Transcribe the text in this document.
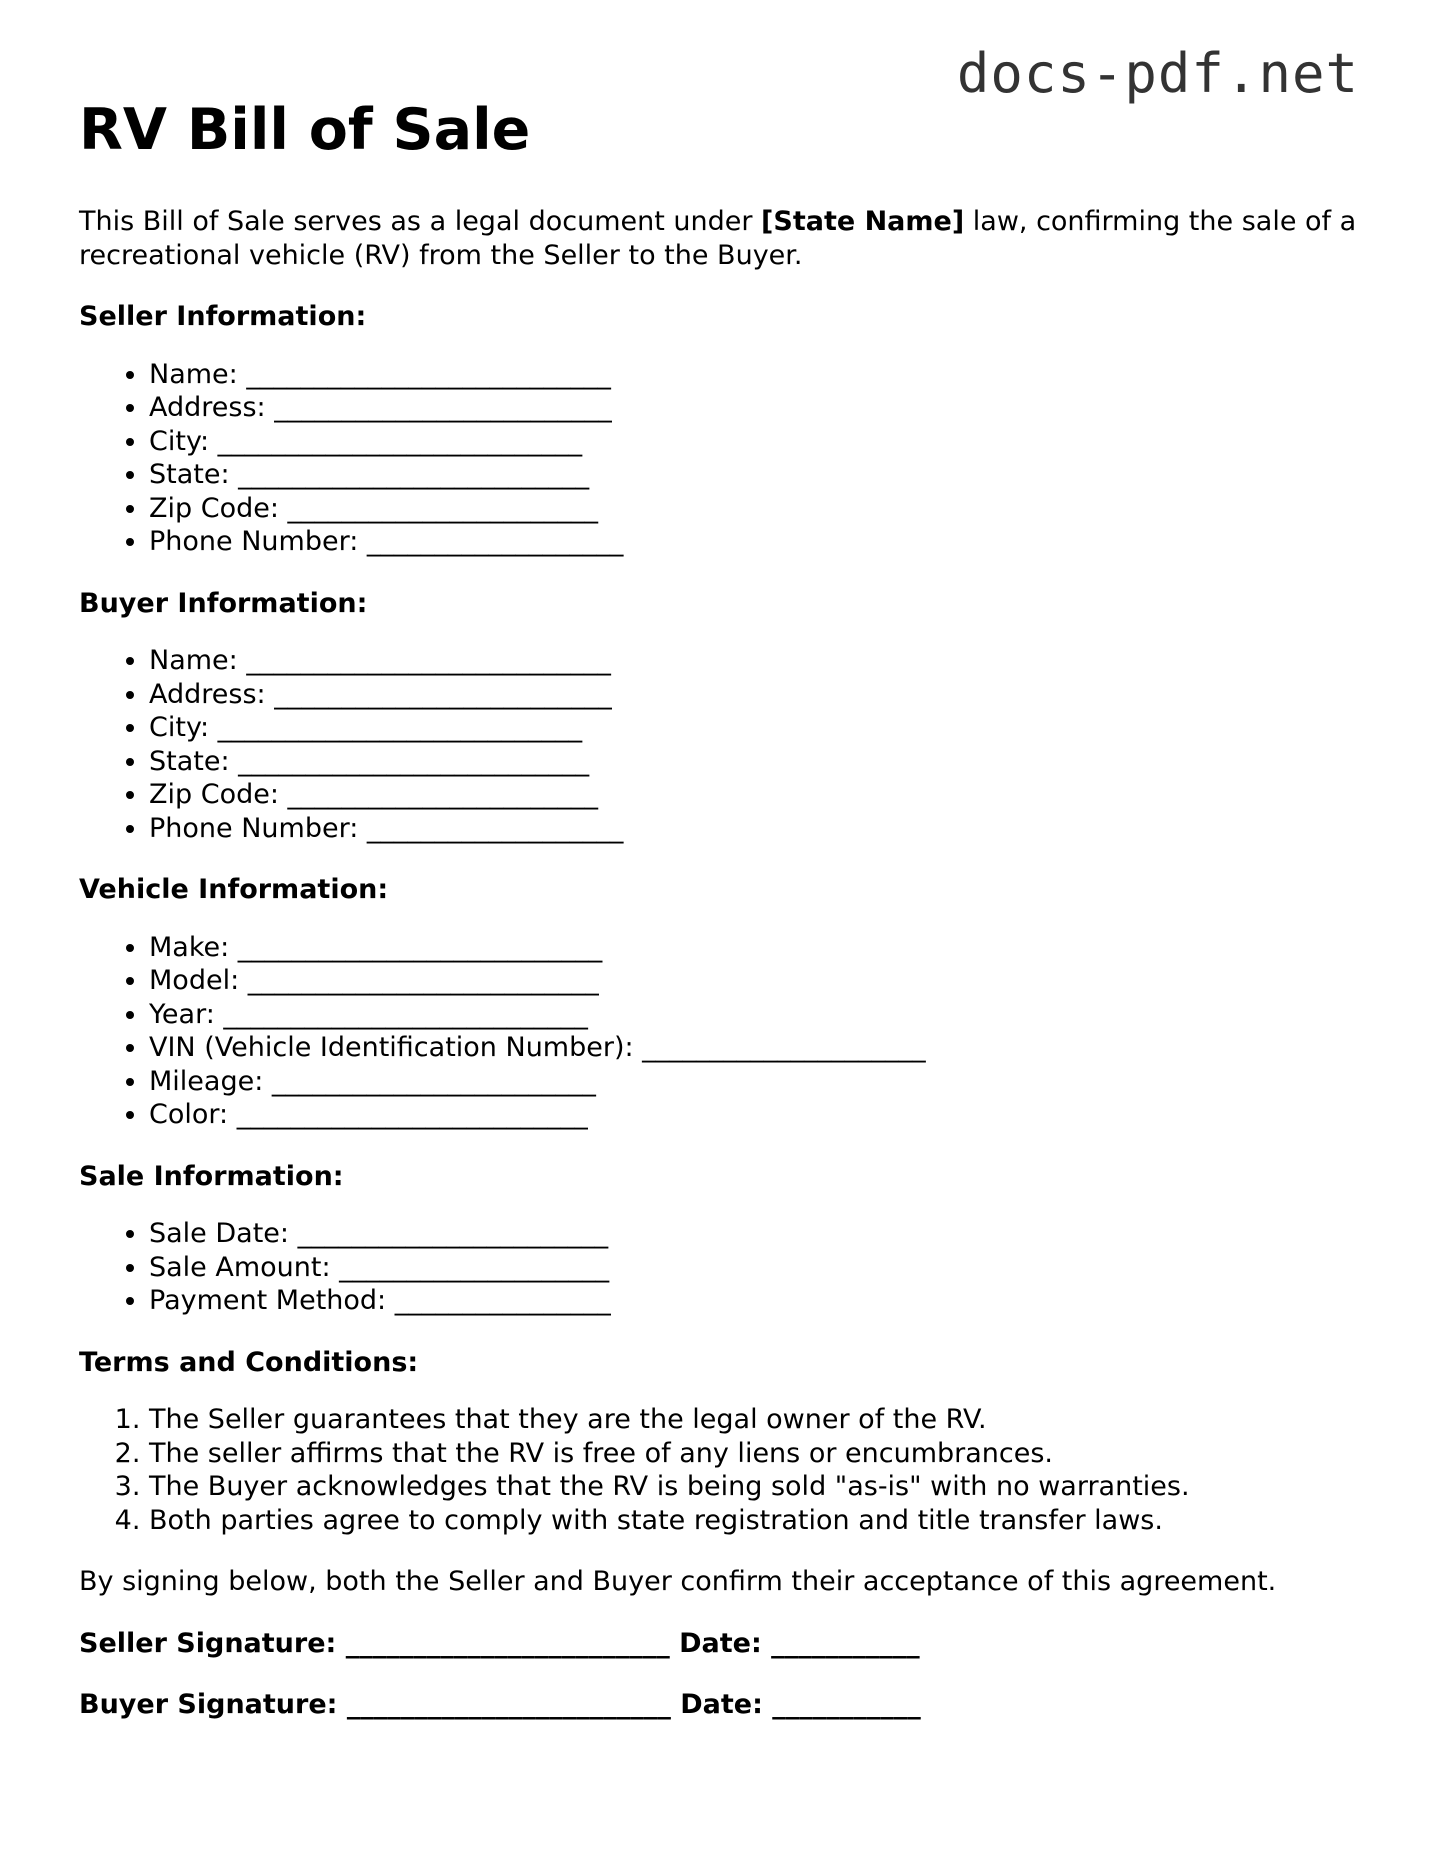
docs-pdf.net
RV Bill of Sale

This Bill of Sale serves as a legal document under [State Name] law, confirming the sale of a recreational vehicle (RV) from the Seller to the Buyer.

Seller Information:
• Name: ___________________________
• Address: _________________________
• City: ___________________________
• State: __________________________
• Zip Code: _______________________
• Phone Number: ___________________
Buyer Information:
• Name: ___________________________
• Address: _________________________
• City: ___________________________
• State: __________________________
• Zip Code: _______________________
• Phone Number: ___________________
Vehicle Information:
• Make: ___________________________
• Model: __________________________
• Year: ___________________________
• VIN (Vehicle Identification Number): _____________________
• Mileage: ________________________
• Color: __________________________
Sale Information:
• Sale Date: _______________________
• Sale Amount: ____________________
• Payment Method: ________________
Terms and Conditions:
1. The Seller guarantees that they are the legal owner of the RV.
2. The seller affirms that the RV is free of any liens or encumbrances.
3. The Buyer acknowledges that the RV is being sold "as-is" with no warranties.
4. Both parties agree to comply with state registration and title transfer laws.

By signing below, both the Seller and Buyer confirm their acceptance of this agreement.

Seller Signature: ________________________ Date: ___________

Buyer Signature: ________________________ Date: ___________
